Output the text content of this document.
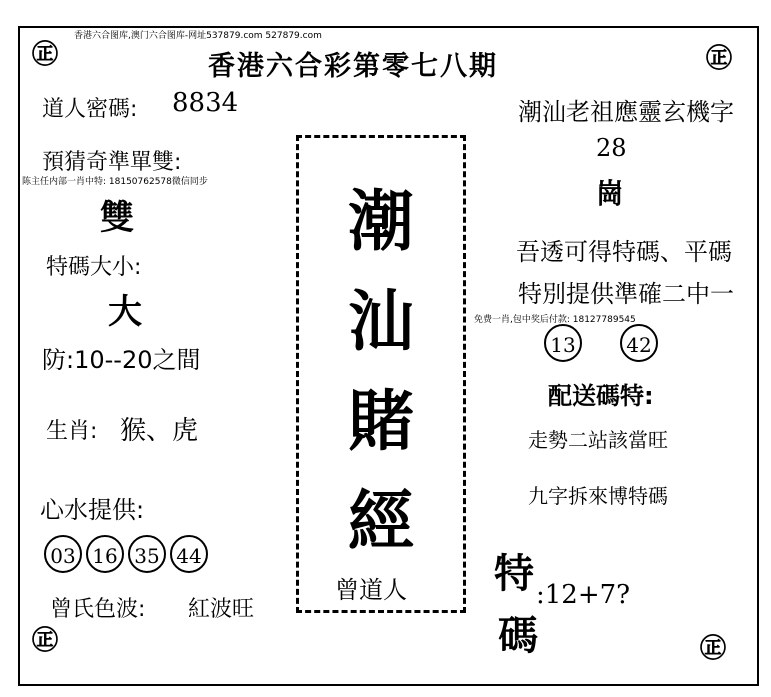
㊣	㊣
㊣	㊣
香港六合图库,澳门六合图库-网址537879.com 527879.com
香港六合彩第零七八期
道人密碼: 8834
預猜奇準單雙:
陈主任内部一肖中特: 18150762578微信同步
雙
特碼大小:
大
防:10--20之間
生肖: 猴、虎
心水提供:
03 16 35 44
曾氏色波: 紅波旺
潮
汕
賭
經
曾道人
潮汕老祖應靈玄機字
28
崗
吾透可得特碼、平碼
特別提供準確二中一
免费一肖,包中奖后付款: 18127789545
13	42
配送碼特:
走勢二站該當旺
九字拆來博特碼
特
碼
:12+7?
